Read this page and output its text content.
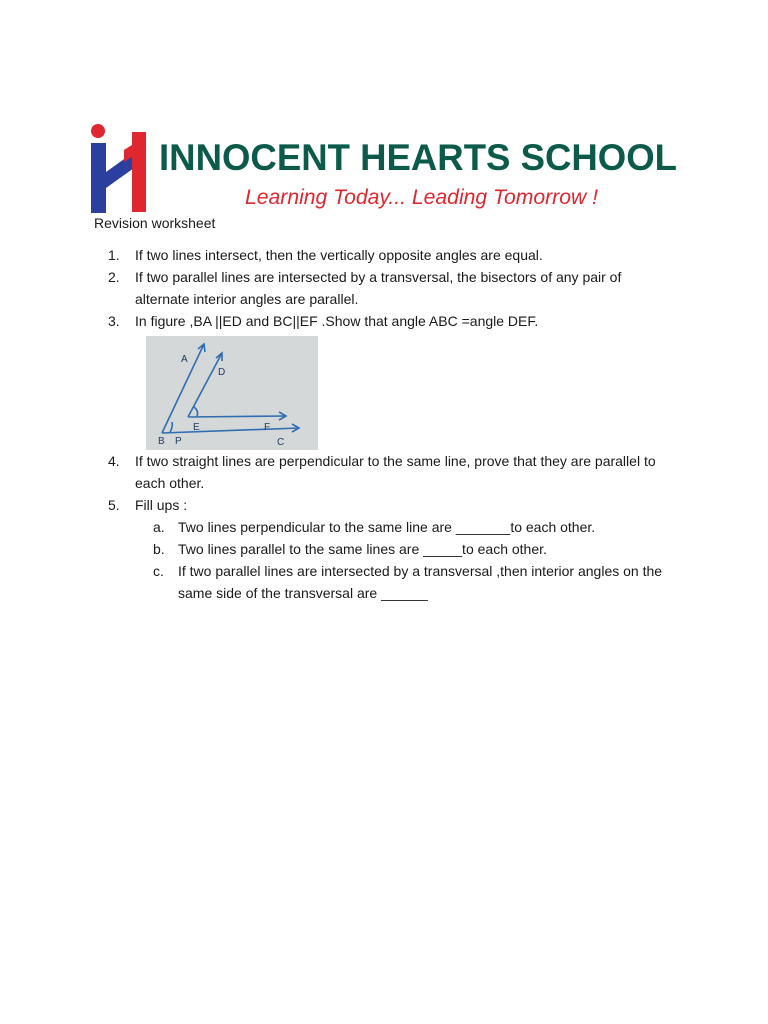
INNOCENT HEARTS SCHOOL
Learning Today... Leading Tomorrow !
Revision worksheet
1.	If two lines intersect, then the vertically opposite angles are equal.
2.	If two parallel lines are intersected by a transversal, the bisectors of any pair of alternate interior angles are parallel.
3.	In figure ,BA ||ED and BC||EF .Show that angle ABC =angle DEF.
A
D
E	F
B P	C
4.	If two straight lines are perpendicular to the same line, prove that they are parallel to each other.
5.	Fill ups :
a. Two lines perpendicular to the same line are _______to each other.
b. Two lines parallel to the same lines are _____to each other.
c.	If two parallel lines are intersected by a transversal ,then interior angles on the same side of the transversal are ______
